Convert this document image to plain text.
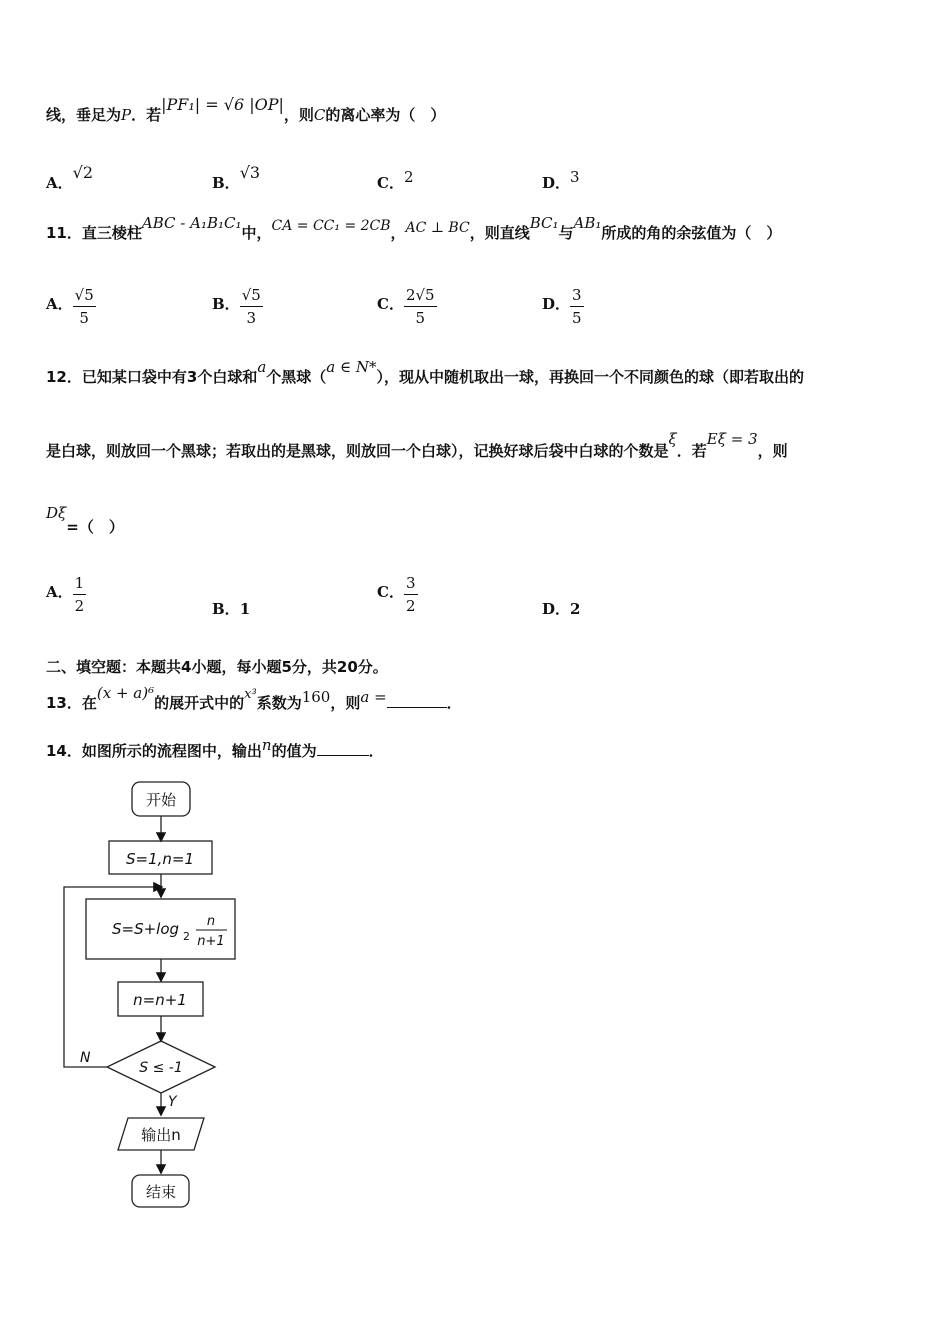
线，垂足为P．若|PF₁| = √6 |OP|，则C的离心率为（　）
A．√2
B．√3
C．2	D．3
11．直三棱柱ABC - A₁B₁C₁中，CA = CC₁ = 2CB，AC ⊥ BC，则直线BC₁与AB₁所成的角的余弦值为（　）
A． $\frac{√5}{5}$	B． $\frac{√5}{3}$	C． $\frac{2√5}{5}$	D． $\frac{3}{5}$
12．已知某口袋中有3个白球和a个黑球（a ∈ N*），现从中随机取出一球，再换回一个不同颜色的球（即若取出的
是白球，则放回一个黑球；若取出的是黑球，则放回一个白球），记换好球后袋中白球的个数是ξ．若Eξ = 3，则
Dξ=（　）
A． $\frac{1}{2}$	B．1
C． $\frac{3}{2}$	D．2
二、填空题：本题共4小题，每小题5分，共20分。
13．在(x + a)⁶的展开式中的$^{x^3}$系数为160，则a =	．
14．如图所示的流程图中，输出n的值为	．
开始
S=1,n=1
S=S+log 2
n
n+1
n=n+1
S ≤ -1
N
Y
输出n
结束
